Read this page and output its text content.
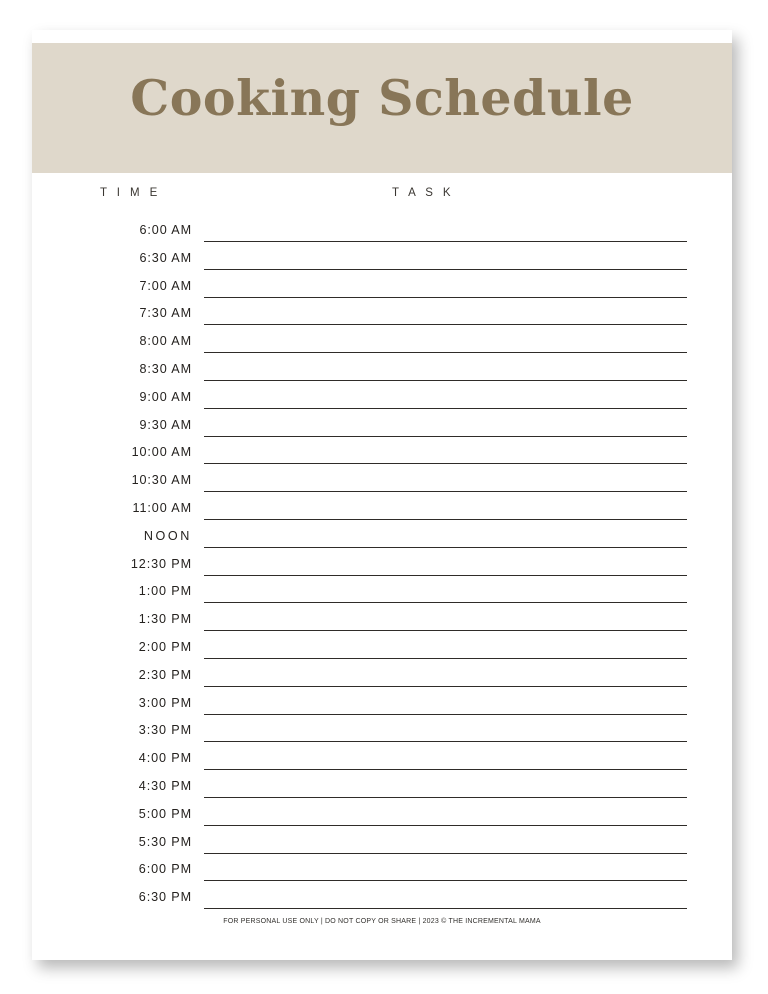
Cooking Schedule
T I M E	T A S K
6:00 AM
6:30 AM
7:00 AM
7:30 AM
8:00 AM
8:30 AM
9:00 AM
9:30 AM
10:00 AM
10:30 AM
11:00 AM
NOON
12:30 PM
1:00 PM
1:30 PM
2:00 PM
2:30 PM
3:00 PM
3:30 PM
4:00 PM
4:30 PM
5:00 PM
5:30 PM
6:00 PM
6:30 PM
FOR PERSONAL USE ONLY | DO NOT COPY OR SHARE | 2023 © THE INCREMENTAL MAMA
